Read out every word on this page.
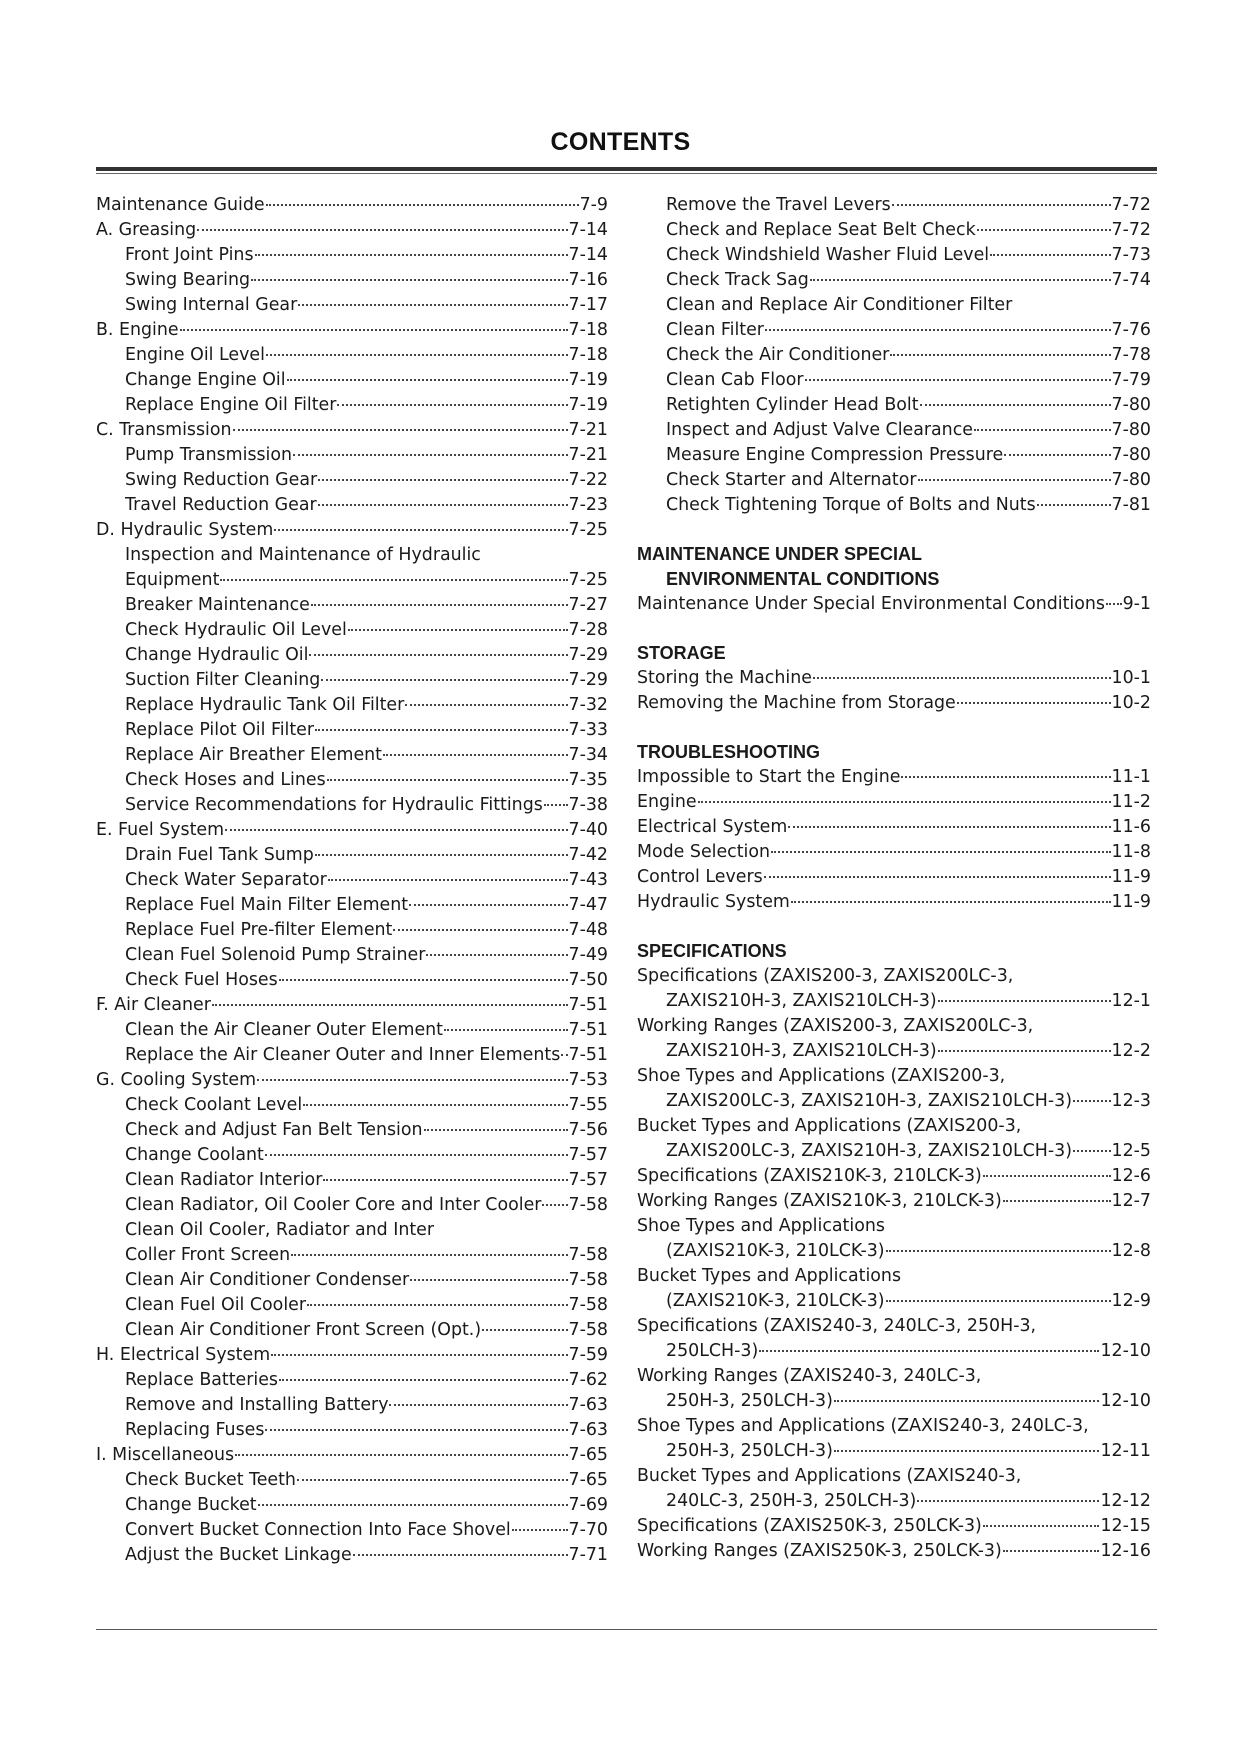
CONTENTS
Maintenance Guide	7-9
A. Greasing	7-14
Front Joint Pins	7-14
Swing Bearing	7-16
Swing Internal Gear	7-17
B. Engine	7-18
Engine Oil Level	7-18
Change Engine Oil	7-19
Replace Engine Oil Filter	7-19
C. Transmission	7-21
Pump Transmission	7-21
Swing Reduction Gear	7-22
Travel Reduction Gear	7-23
D. Hydraulic System	7-25
Inspection and Maintenance of Hydraulic
Equipment	7-25
Breaker Maintenance	7-27
Check Hydraulic Oil Level	7-28
Change Hydraulic Oil	7-29
Suction Filter Cleaning	7-29
Replace Hydraulic Tank Oil Filter	7-32
Replace Pilot Oil Filter	7-33
Replace Air Breather Element	7-34
Check Hoses and Lines	7-35
Service Recommendations for Hydraulic Fittings 7-38
E. Fuel System	7-40
Drain Fuel Tank Sump	7-42
Check Water Separator	7-43
Replace Fuel Main Filter Element	7-47
Replace Fuel Pre-filter Element	7-48
Clean Fuel Solenoid Pump Strainer	7-49
Check Fuel Hoses	7-50
F. Air Cleaner	7-51
Clean the Air Cleaner Outer Element	7-51
Replace the Air Cleaner Outer and Inner Elements 7-51
G. Cooling System	7-53
Check Coolant Level	7-55
Check and Adjust Fan Belt Tension	7-56
Change Coolant	7-57
Clean Radiator Interior	7-57
Clean Radiator, Oil Cooler Core and Inter Cooler 7-58
Clean Oil Cooler, Radiator and Inter
Coller Front Screen	7-58
Clean Air Conditioner Condenser	7-58
Clean Fuel Oil Cooler	7-58
Clean Air Conditioner Front Screen (Opt.)	7-58
H. Electrical System	7-59
Replace Batteries	7-62
Remove and Installing Battery	7-63
Replacing Fuses	7-63
I. Miscellaneous	7-65
Check Bucket Teeth	7-65
Change Bucket	7-69
Convert Bucket Connection Into Face Shovel	7-70
Adjust the Bucket Linkage	7-71
Remove the Travel Levers	7-72
Check and Replace Seat Belt Check	7-72
Check Windshield Washer Fluid Level	7-73
Check Track Sag	7-74
Clean and Replace Air Conditioner Filter
Clean Filter	7-76
Check the Air Conditioner	7-78
Clean Cab Floor	7-79
Retighten Cylinder Head Bolt	7-80
Inspect and Adjust Valve Clearance	7-80
Measure Engine Compression Pressure	7-80
Check Starter and Alternator	7-80
Check Tightening Torque of Bolts and Nuts	7-81
MAINTENANCE UNDER SPECIAL
ENVIRONMENTAL CONDITIONS
Maintenance Under Special Environmental Conditions 9-1
STORAGE
Storing the Machine	10-1
Removing the Machine from Storage	10-2
TROUBLESHOOTING
Impossible to Start the Engine	11-1
Engine	11-2
Electrical System	11-6
Mode Selection	11-8
Control Levers	11-9
Hydraulic System	11-9
SPECIFICATIONS
Specifications (ZAXIS200-3, ZAXIS200LC-3,
ZAXIS210H-3, ZAXIS210LCH-3)	12-1
Working Ranges (ZAXIS200-3, ZAXIS200LC-3,
ZAXIS210H-3, ZAXIS210LCH-3)	12-2
Shoe Types and Applications (ZAXIS200-3,
ZAXIS200LC-3, ZAXIS210H-3, ZAXIS210LCH-3) 12-3
Bucket Types and Applications (ZAXIS200-3,
ZAXIS200LC-3, ZAXIS210H-3, ZAXIS210LCH-3) 12-5
Specifications (ZAXIS210K-3, 210LCK-3)	12-6
Working Ranges (ZAXIS210K-3, 210LCK-3)	12-7
Shoe Types and Applications
(ZAXIS210K-3, 210LCK-3)	12-8
Bucket Types and Applications
(ZAXIS210K-3, 210LCK-3)	12-9
Specifications (ZAXIS240-3, 240LC-3, 250H-3,
250LCH-3)	12-10
Working Ranges (ZAXIS240-3, 240LC-3,
250H-3, 250LCH-3)	12-10
Shoe Types and Applications (ZAXIS240-3, 240LC-3,
250H-3, 250LCH-3)	12-11
Bucket Types and Applications (ZAXIS240-3,
240LC-3, 250H-3, 250LCH-3)	12-12
Specifications (ZAXIS250K-3, 250LCK-3)	12-15
Working Ranges (ZAXIS250K-3, 250LCK-3)	12-16
